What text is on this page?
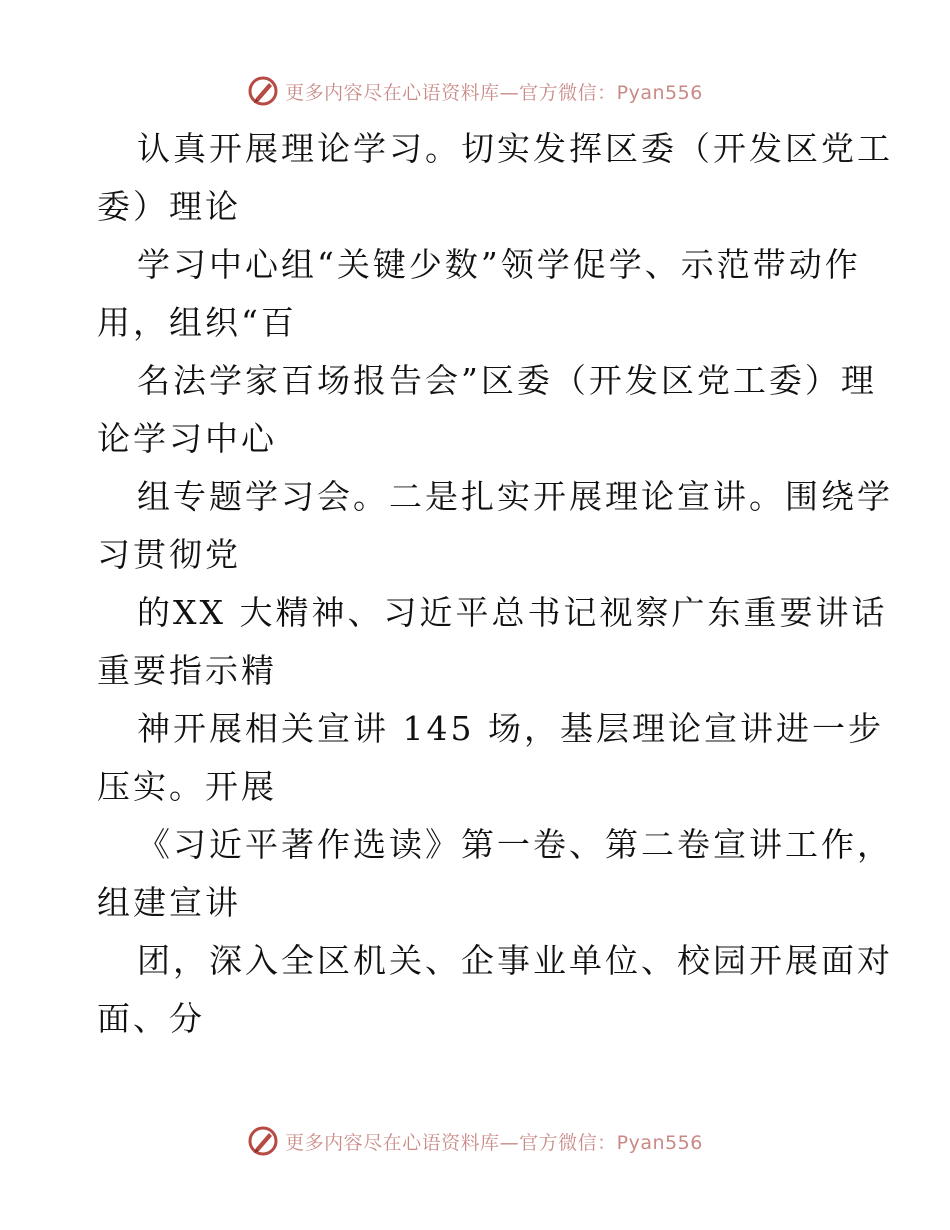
更多内容尽在心语资料库—官方微信：Pyan556
认真开展理论学习。切实发挥区委（开发区党工
委）理论
学习中心组“关键少数”领学促学、示范带动作
用，组织“百
名法学家百场报告会”区委（开发区党工委）理
论学习中心
组专题学习会。二是扎实开展理论宣讲。围绕学
习贯彻党
的XX 大精神、习近平总书记视察广东重要讲话
重要指示精
神开展相关宣讲 145 场，基层理论宣讲进一步
压实。开展
《习近平著作选读》第一卷、第二卷宣讲工作，
组建宣讲
团，深入全区机关、企事业单位、校园开展面对
面、分
更多内容尽在心语资料库—官方微信：Pyan556
